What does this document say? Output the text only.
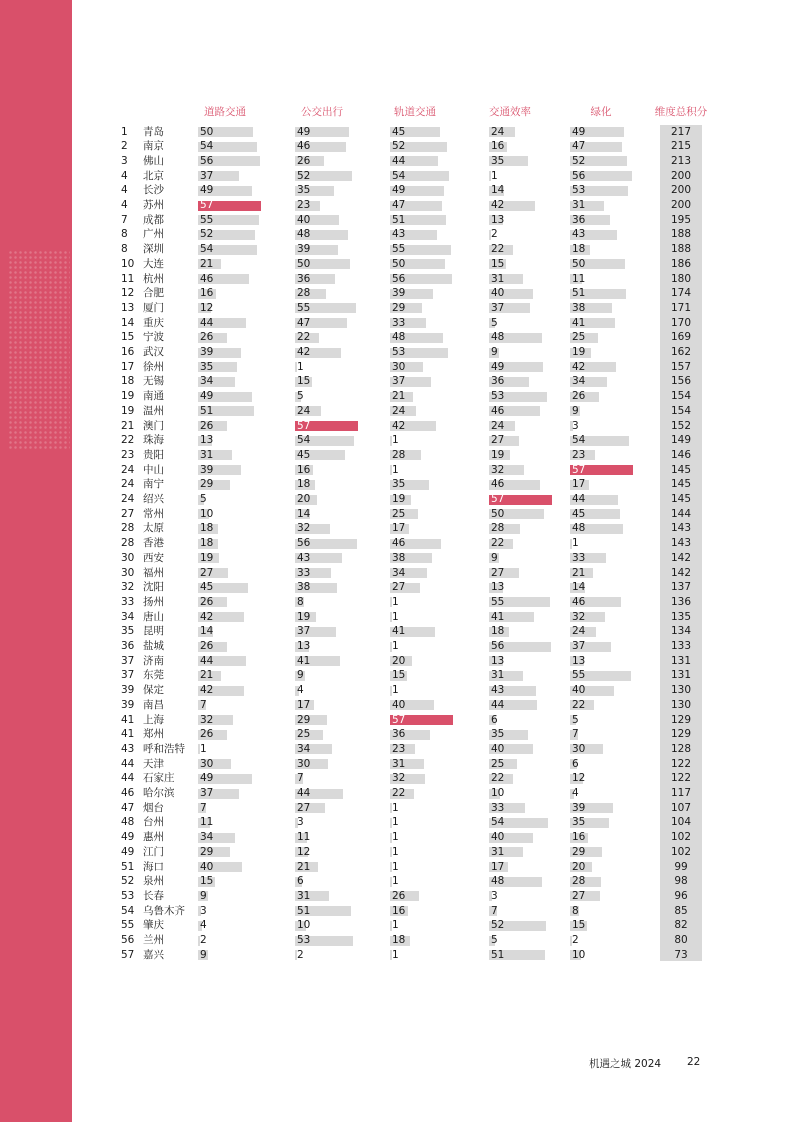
道路交通	公交出行	轨道交通	交通效率	绿化	维度总积分
1 青岛	50	49	45	24	49	217
2 南京	54	46	52	16	47	215
3 佛山	56	26	44	35	52	213
4 北京	37	52	54	1	56	200
4 长沙	49	35	49	14	53	200
4 苏州	57	23	47	42	31	200
7 成都	55	40	51	13	36	195
8 广州	52	48	43	2	43	188
8 深圳	54	39	55	22	18	188
10 大连	21	50	50	15	50	186
11 杭州	46	36	56	31	11	180
12 合肥	16	28	39	40	51	174
13 厦门	12	55	29	37	38	171
14 重庆	44	47	33	5	41	170
15 宁波	26	22	48	48	25	169
16 武汉	39	42	53	9	19	162
17 徐州	35	1	30	49	42	157
18 无锡	34	15	37	36	34	156
19 南通	49	5	21	53	26	154
19 温州	51	24	24	46	9	154
21 澳门	26	57	42	24	3	152
22 珠海	13	54	1	27	54	149
23 贵阳	31	45	28	19	23	146
24 中山	39	16	1	32	57	145
24 南宁	29	18	35	46	17	145
24 绍兴	5	20	19	57	44	145
27 常州	10	14	25	50	45	144
28 太原	18	32	17	28	48	143
28 香港	18	56	46	22	1	143
30 西安	19	43	38	9	33	142
30 福州	27	33	34	27	21	142
32 沈阳	45	38	27	13	14	137
33 扬州	26	8	1	55	46	136
34 唐山	42	19	1	41	32	135
35 昆明	14	37	41	18	24	134
36 盐城	26	13	1	56	37	133
37 济南	44	41	20	13	13	131
37 东莞	21	9	15	31	55	131
39 保定	42	4	1	43	40	130
39 南昌	7	17	40	44	22	130
41 上海	32	29	57	6	5	129
41 郑州	26	25	36	35	7	129
43 呼和浩特 1	34	23	40	30	128
44 天津	30	30	31	25	6	122
44 石家庄 49	7	32	22	12	122
46 哈尔滨 37	44	22	10	4	117
47 烟台	7	27	1	33	39	107
48 台州	11	3	1	54	35	104
49 惠州	34	11	1	40	16	102
49 江门	29	12	1	31	29	102
51 海口	40	21	1	17	20	99
52 泉州	15	6	1	48	28	98
53 长春	9	31	26	3	27	96
54 乌鲁木齐 3	51	16	7	8	85
55 肇庆	4	10	1	52	15	82
56 兰州	2	53	18	5	2	80
57 嘉兴	9	2	1	51	10	73
机遇之城 2024 22
